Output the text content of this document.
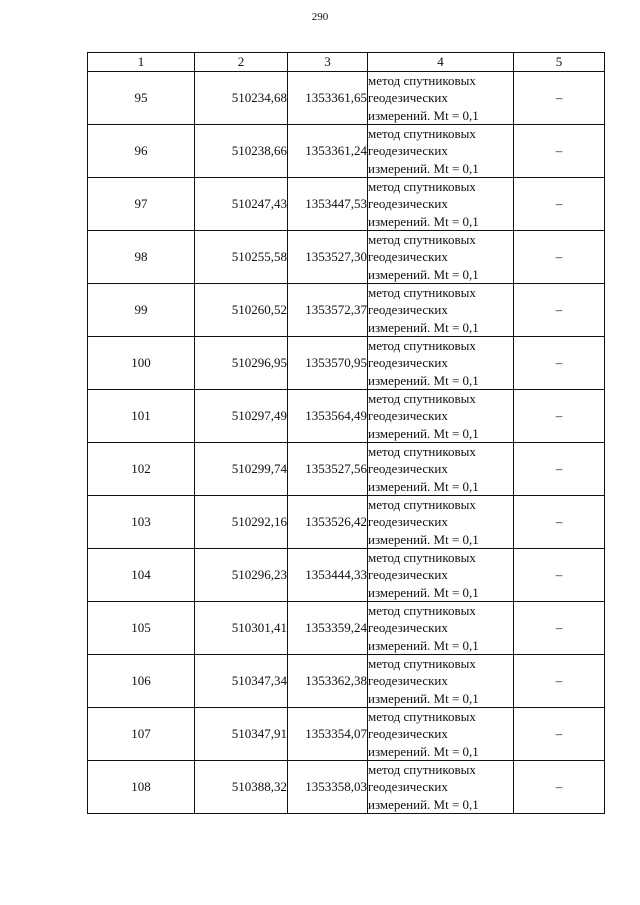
290
1	2	3	4	5
95	510234,68	1353361,65	метод спутниковых геодезических измерений. Mt = 0,1	–
96	510238,66	1353361,24	метод спутниковых геодезических измерений. Mt = 0,1	–
97	510247,43	1353447,53	метод спутниковых геодезических измерений. Mt = 0,1	–
98	510255,58	1353527,30	метод спутниковых геодезических измерений. Mt = 0,1	–
99	510260,52	1353572,37	метод спутниковых геодезических измерений. Mt = 0,1	–
100	510296,95	1353570,95	метод спутниковых геодезических измерений. Mt = 0,1	–
101	510297,49	1353564,49	метод спутниковых геодезических измерений. Mt = 0,1	–
102	510299,74	1353527,56	метод спутниковых геодезических измерений. Mt = 0,1	–
103	510292,16	1353526,42	метод спутниковых геодезических измерений. Mt = 0,1	–
104	510296,23	1353444,33	метод спутниковых геодезических измерений. Mt = 0,1	–
105	510301,41	1353359,24	метод спутниковых геодезических измерений. Mt = 0,1	–
106	510347,34	1353362,38	метод спутниковых геодезических измерений. Mt = 0,1	–
107	510347,91	1353354,07	метод спутниковых геодезических измерений. Mt = 0,1	–
108	510388,32	1353358,03	метод спутниковых геодезических измерений. Mt = 0,1	–
